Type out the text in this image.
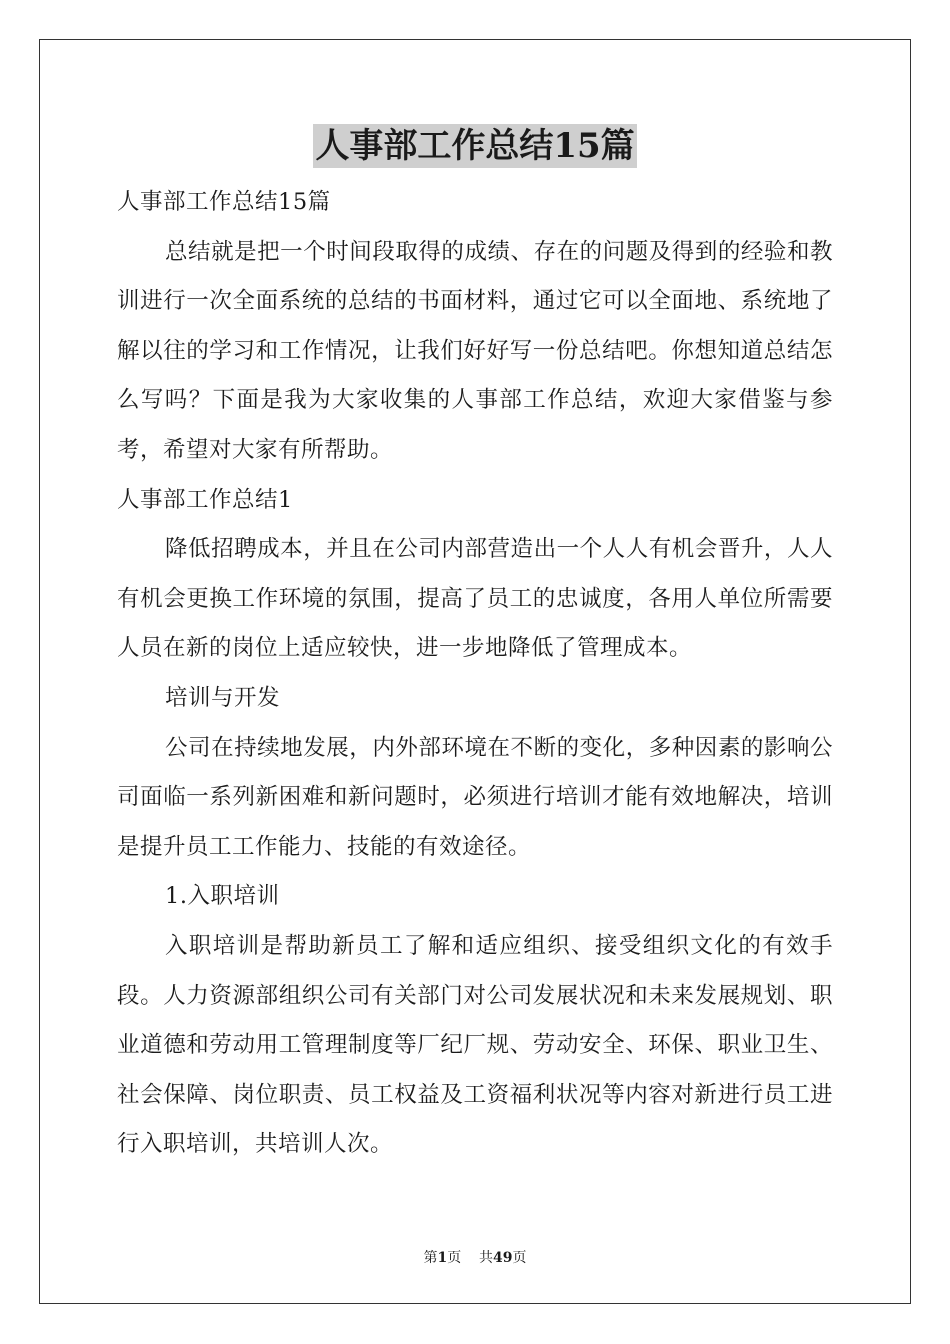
人事部工作总结15篇

人事部工作总结15篇

总结就是把一个时间段取得的成绩、存在的问题及得到的经验和教训进行一次全面系统的总结的书面材料，通过它可以全面地、系统地了解以往的学习和工作情况，让我们好好写一份总结吧。你想知道总结怎么写吗？下面是我为大家收集的人事部工作总结，欢迎大家借鉴与参考，希望对大家有所帮助。

人事部工作总结1

降低招聘成本，并且在公司内部营造出一个人人有机会晋升，人人有机会更换工作环境的氛围，提高了员工的忠诚度，各用人单位所需要人员在新的岗位上适应较快，进一步地降低了管理成本。

培训与开发

公司在持续地发展，内外部环境在不断的变化，多种因素的影响公司面临一系列新困难和新问题时，必须进行培训才能有效地解决，培训是提升员工工作能力、技能的有效途径。

1.入职培训

入职培训是帮助新员工了解和适应组织、接受组织文化的有效手段。人力资源部组织公司有关部门对公司发展状况和未来发展规划、职业道德和劳动用工管理制度等厂纪厂规、劳动安全、环保、职业卫生、社会保障、岗位职责、员工权益及工资福利状况等内容对新进行员工进行入职培训，共培训人次。

第1页 共49页
